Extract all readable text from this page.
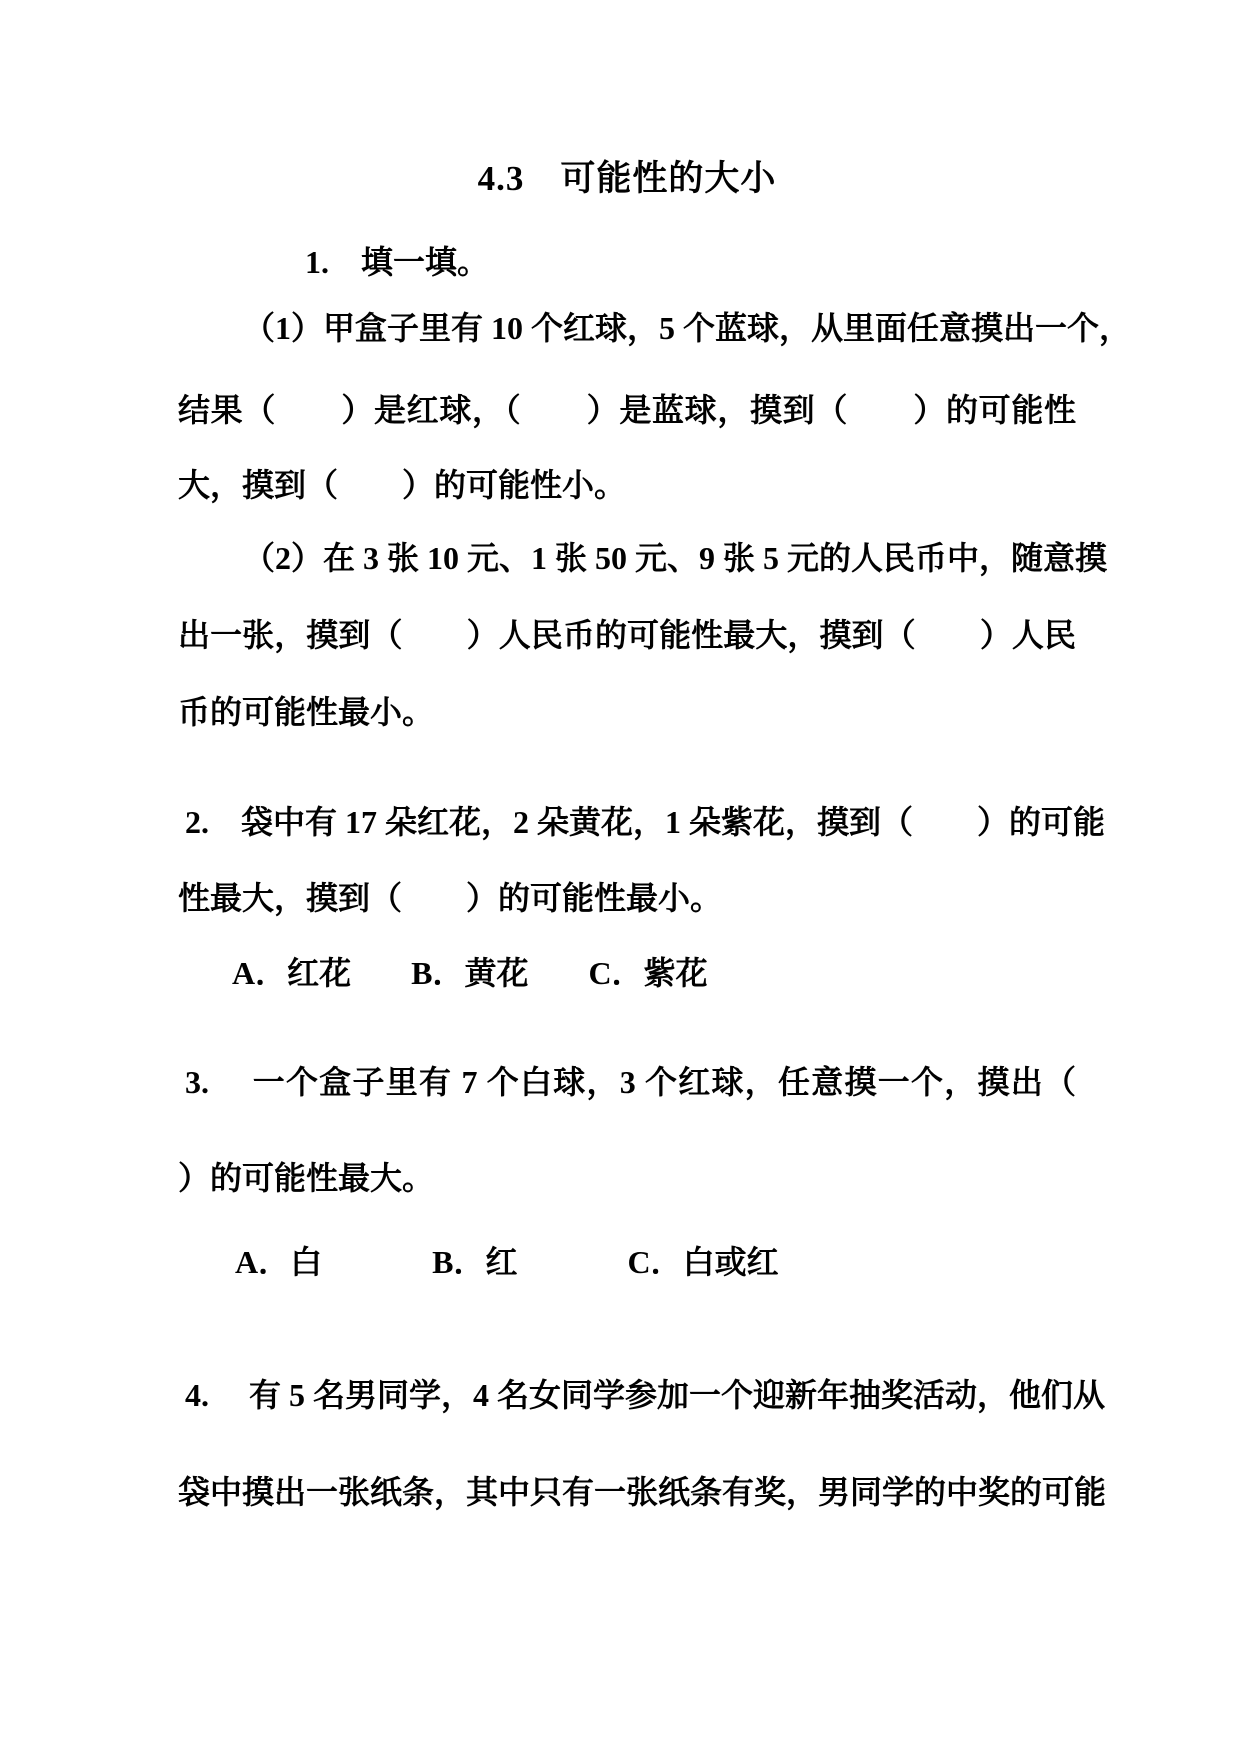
4.3　可能性的大小
1.　填一填。
（1）甲盒子里有 10 个红球，5 个蓝球，从里面任意摸出一个，
结果（　　）是红球，（　　）是蓝球，摸到（　　）的可能性
大，摸到（　　）的可能性小。
（2）在 3 张 10 元、1 张 50 元、9 张 5 元的人民币中，随意摸
出一张，摸到（　　）人民币的可能性最大，摸到（　　）人民
币的可能性最小。
2.　袋中有 17 朵红花，2 朵黄花，1 朵紫花，摸到（　　）的可能
性最大，摸到（　　）的可能性最小。
A．红花 B．黄花 C．紫花
3.　 一个盒子里有 7 个白球，3 个红球，任意摸一个，摸出（
）的可能性最大。
A．白	B．红	C．白或红
4.　 有 5 名男同学，4 名女同学参加一个迎新年抽奖活动，他们从
袋中摸出一张纸条，其中只有一张纸条有奖，男同学的中奖的可能
